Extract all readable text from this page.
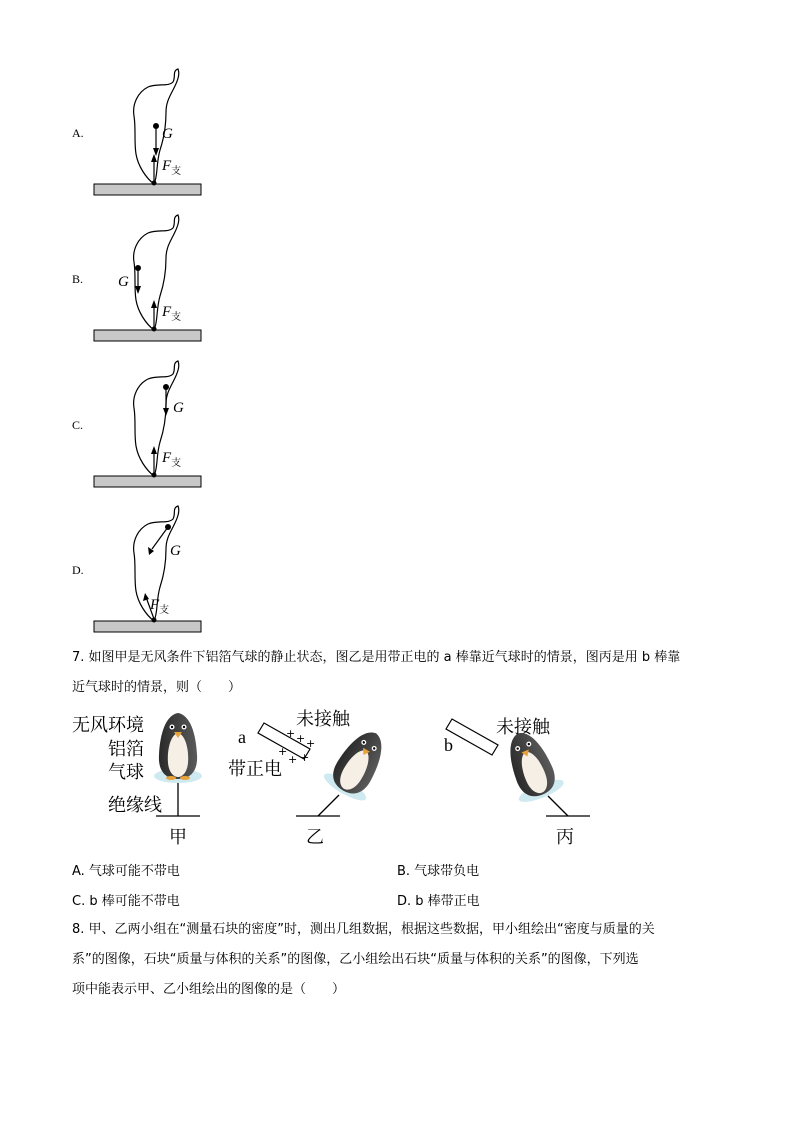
A.	G
$F_支$
B. G
$F_支$
C.
G
$F_支$
D.
G
$F_支$
7. 如图甲是无风条件下铝箔气球的静止状态，图乙是用带正电的 a 棒靠近气球时的情景，图丙是用 b 棒靠
近气球时的情景，则（　　）
无风环境
铝箔
气球
绝缘线
甲
a	+ + +
+
+ +
未接触
带正电
乙
b
未接触
丙
A. 气球可能不带电	B. 气球带负电
C. b 棒可能不带电	D. b 棒带正电
8. 甲、乙两小组在“测量石块的密度”时，测出几组数据，根据这些数据，甲小组绘出“密度与质量的关
系”的图像，石块“质量与体积的关系”的图像，乙小组绘出石块“质量与体积的关系”的图像，下列选
项中能表示甲、乙小组绘出的图像的是（　　）
